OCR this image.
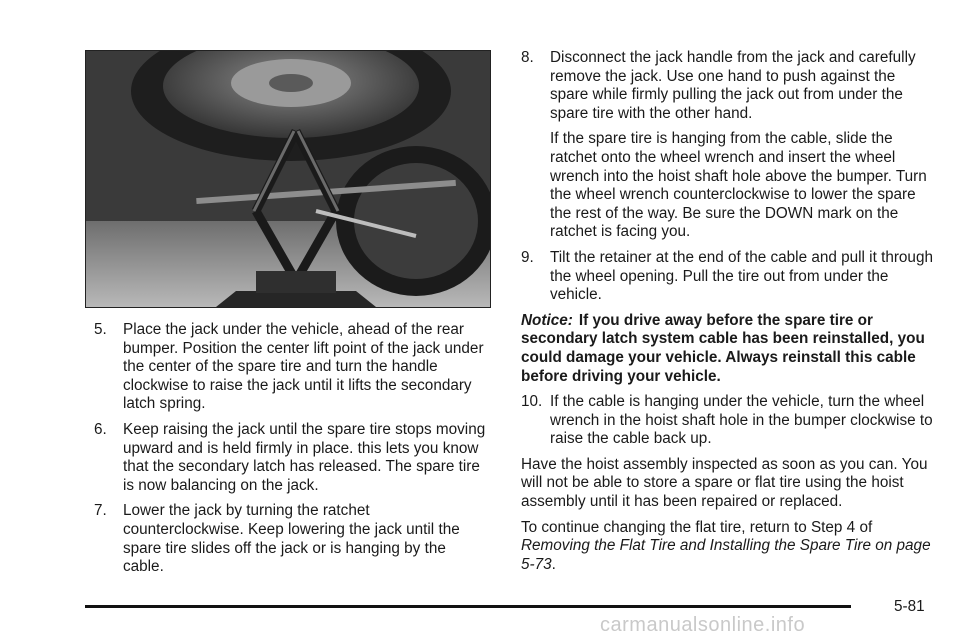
5. Place the jack under the vehicle, ahead of the rear bumper. Position the center lift point of the jack under the center of the spare tire and turn the handle clockwise to raise the jack until it lifts the secondary latch spring.
6. Keep raising the jack until the spare tire stops moving upward and is held firmly in place. this lets you know that the secondary latch has released. The spare tire is now balancing on the jack.
7. Lower the jack by turning the ratchet counterclockwise. Keep lowering the jack until the spare tire slides off the jack or is hanging by the cable.
8. Disconnect the jack handle from the jack and carefully remove the jack. Use one hand to push against the spare while firmly pulling the jack out from under the spare tire with the other hand.
If the spare tire is hanging from the cable, slide the ratchet onto the wheel wrench and insert the wheel wrench into the hoist shaft hole above the bumper. Turn the wheel wrench counterclockwise to lower the spare the rest of the way. Be sure the DOWN mark on the ratchet is facing you.
9. Tilt the retainer at the end of the cable and pull it through the wheel opening. Pull the tire out from under the vehicle.
Notice: If you drive away before the spare tire or secondary latch system cable has been reinstalled, you could damage your vehicle. Always reinstall this cable before driving your vehicle.
10. If the cable is hanging under the vehicle, turn the wheel wrench in the hoist shaft hole in the bumper clockwise to raise the cable back up.
Have the hoist assembly inspected as soon as you can. You will not be able to store a spare or flat tire using the hoist assembly until it has been repaired or replaced.
To continue changing the flat tire, return to Step 4 of Removing the Flat Tire and Installing the Spare Tire on page 5-73.
5-81
carmanualsonline.info
